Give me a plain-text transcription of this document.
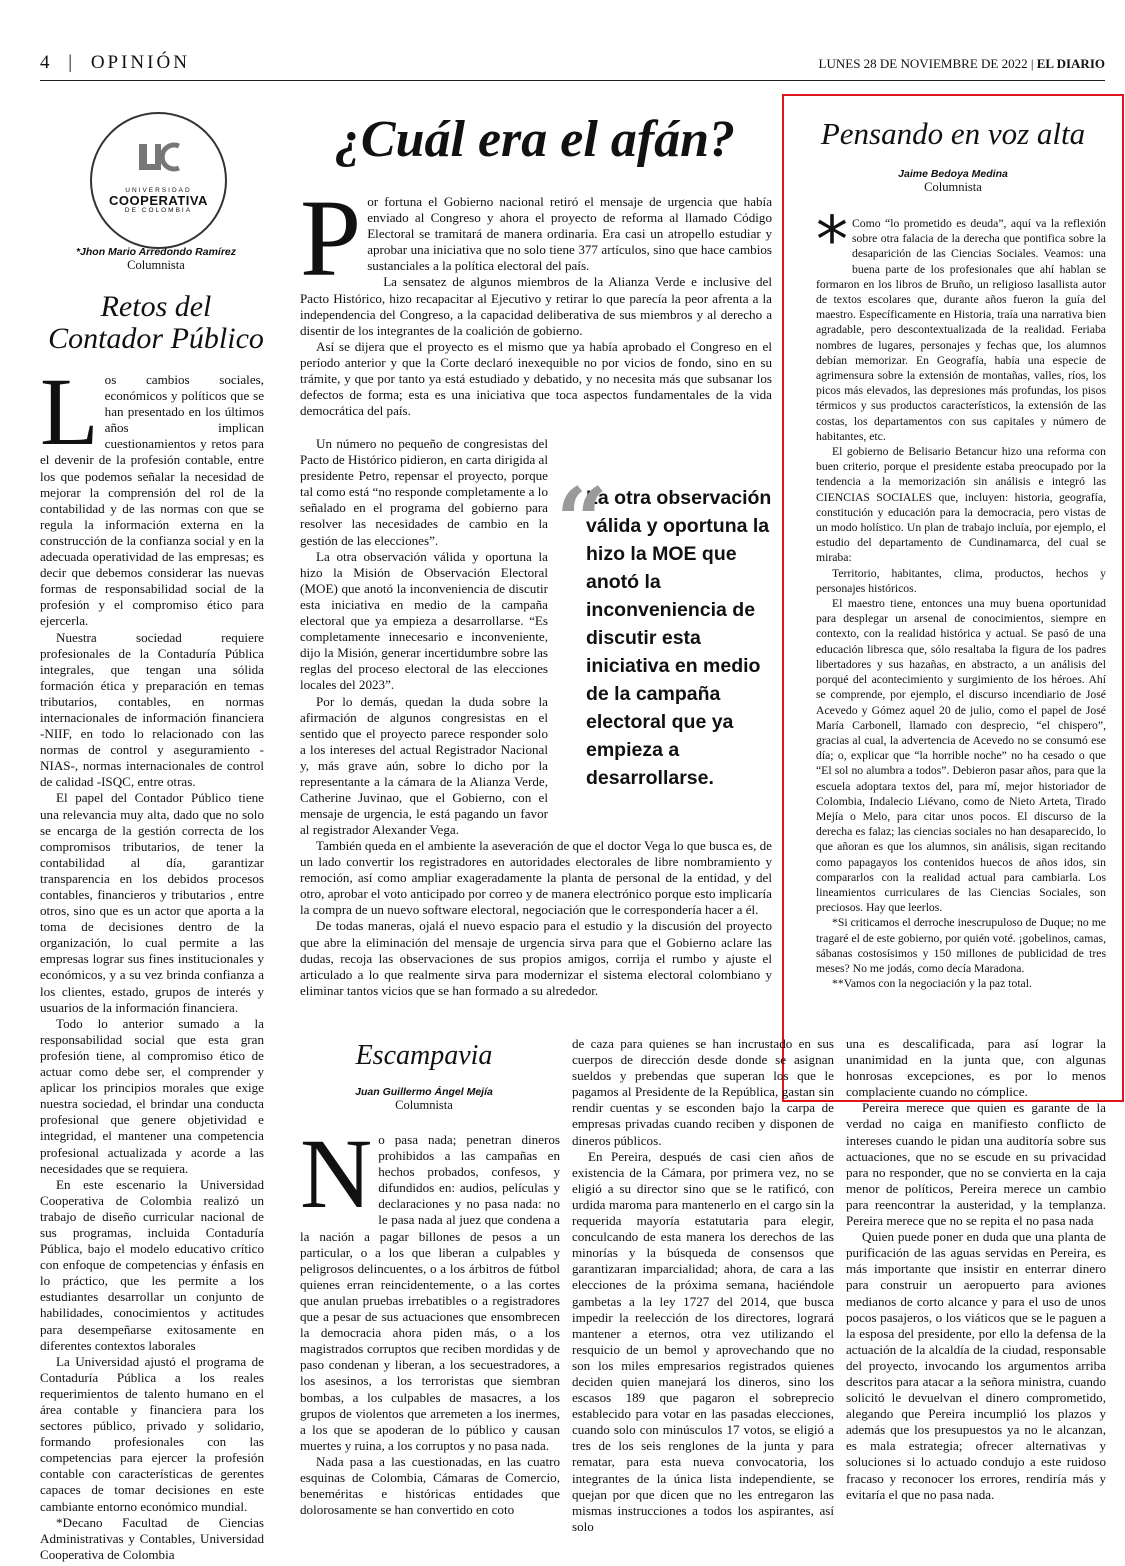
4 | OPINIÓN	LUNES 28 DE NOVIEMBRE DE 2022 | EL DIARIO
UNIVERSIDAD
COOPERATIVA
DE COLOMBIA

*Jhon Mario Arredondo Ramírez

Columnista

Retos del Contador Público

Los cambios sociales, económicos y políticos que se han presentado en los últimos años implican cuestionamientos y retos para el devenir de la profesión contable, entre los que podemos señalar la necesidad de mejorar la comprensión del rol de la contabilidad y de las normas con que se regula la información externa en la construcción de la confianza social y en la adecuada operatividad de las empresas; es decir que debemos considerar las nuevas formas de responsabilidad social de la profesión y el compromiso ético para ejercerla.

Nuestra sociedad requiere profesionales de la Contaduría Pública integrales, que tengan una sólida formación ética y preparación en temas tributarios, contables, en normas internacionales de información financiera -NIIF, en todo lo relacionado con las normas de control y aseguramiento -NIAS-, normas internacionales de control de calidad -ISQC, entre otras.

El papel del Contador Público tiene una relevancia muy alta, dado que no solo se encarga de la gestión correcta de los compromisos tributarios, de tener la contabilidad al día, garantizar transparencia en los debidos procesos contables, financieros y tributarios , entre otros, sino que es un actor que aporta a la toma de decisiones dentro de la organización, lo cual permite a las empresas lograr sus fines institucionales y económicos, y a su vez brinda confianza a los clientes, estado, grupos de interés y usuarios de la información financiera.

Todo lo anterior sumado a la responsabilidad social que esta gran profesión tiene, al compromiso ético de actuar como debe ser, el comprender y aplicar los principios morales que exige nuestra sociedad, el brindar una conducta profesional que genere objetividad e integridad, el mantener una competencia profesional actualizada y acorde a las necesidades que se requiera.

En este escenario la Universidad Cooperativa de Colombia realizó un trabajo de diseño curricular nacional de sus programas, incluida Contaduría Pública, bajo el modelo educativo crítico con enfoque de competencias y énfasis en lo práctico, que les permite a los estudiantes desarrollar un conjunto de habilidades, conocimientos y actitudes para desempeñarse exitosamente en diferentes contextos laborales

La Universidad ajustó el programa de Contaduría Pública a los reales requerimientos de talento humano en el área contable y financiera para los sectores público, privado y solidario, formando profesionales con las competencias para ejercer la profesión contable con características de gerentes capaces de tomar decisiones en este cambiante entorno económico mundial.

*Decano Facultad de Ciencias Administrativas y Contables, Universidad Cooperativa de Colombia

¿Cuál era el afán?

Por fortuna el Gobierno nacional retiró el mensaje de urgencia que había enviado al Congreso y ahora el proyecto de reforma al llamado Código Electoral se tramitará de manera ordinaria. Era casi un atropello estudiar y aprobar una iniciativa que no solo tiene 377 artículos, sino que hace cambios sustanciales a la política electoral del país.

La sensatez de algunos miembros de la Alianza Verde e inclusive del Pacto Histórico, hizo recapacitar al Ejecutivo y retirar lo que parecía la peor afrenta a la independencia del Congreso, a la capacidad deliberativa de sus miembros y al derecho a disentir de los integrantes de la coalición de gobierno.

Así se dijera que el proyecto es el mismo que ya había aprobado el Congreso en el período anterior y que la Corte declaró inexequible no por vicios de fondo, sino en su trámite, y que por tanto ya está estudiado y debatido, y no necesita más que subsanar los defectos de forma; esta es una iniciativa que toca aspectos fundamentales de la vida democrática del país.

Un número no pequeño de congresistas del Pacto de Histórico pidieron, en carta dirigida al presidente Petro, repensar el proyecto, porque tal como está “no responde completamente a lo señalado en el programa del gobierno para resolver las necesidades de cambio en la gestión de las elecciones”.

La otra observación válida y oportuna la hizo la Misión de Observación Electoral (MOE) que anotó la inconveniencia de discutir esta iniciativa en medio de la campaña electoral que ya empieza a desarrollarse. “Es completamente innecesario e inconveniente, dijo la Misión, generar incertidumbre sobre las reglas del proceso electoral de las elecciones locales del 2023”.

Por lo demás, quedan la duda sobre la afirmación de algunos congresistas en el sentido que el proyecto parece responder solo a los intereses del actual Registrador Nacional y, más grave aún, sobre lo dicho por la representante a la cámara de la Alianza Verde, Catherine Juvinao, que el Gobierno, con el mensaje de urgencia, le está pagando un favor al registrador Alexander Vega.

También queda en el ambiente la aseveración de que el doctor Vega lo que busca es, de un lado convertir los registradores en autoridades electorales de libre nombramiento y remoción, así como ampliar exageradamente la planta de personal de la entidad, y del otro, aprobar el voto anticipado por correo y de manera electrónico porque esto implicaría la compra de un nuevo software electoral, negociación que le correspondería hacer a él.

De todas maneras, ojalá el nuevo espacio para el estudio y la discusión del proyecto que abre la eliminación del mensaje de urgencia sirva para que el Gobierno aclare las dudas, recoja las observaciones de sus propios amigos, corrija el rumbo y ajuste el articulado a lo que realmente sirva para modernizar el sistema electoral colombiano y eliminar tantos vicios que se han formado a su alrededor.

“
La otra observación válida y oportuna la hizo la MOE que anotó la inconveniencia de discutir esta iniciativa en medio de la campaña electoral que ya empieza a desarrollarse.
Pensando en voz alta

Jaime Bedoya Medina

Columnista

* Como “lo prometido es deuda”, aquí va la reflexión sobre otra falacia de la derecha que pontifica sobre la desaparición de las Ciencias Sociales. Veamos: una buena parte de los profesionales que ahí hablan se formaron en los libros de Bruño, un religioso lasallista autor de textos escolares que, durante años fueron la guía del maestro. Específicamente en Historia, traía una narrativa bien agradable, pero descontextualizada de la realidad. Feriaba nombres de lugares, personajes y fechas que, los alumnos debían memorizar. En Geografía, había una especie de agrimensura sobre la extensión de montañas, valles, ríos, los picos más elevados, las depresiones más profundas, los pisos térmicos y sus productos característicos, la extensión de las costas, los departamentos con sus capitales y número de habitantes, etc.

El gobierno de Belisario Betancur hizo una reforma con buen criterio, porque el presidente estaba preocupado por la tendencia a la memorización sin análisis e integró las CIENCIAS SOCIALES que, incluyen: historia, geografía, constitución y educación para la democracia, pero vistas de un modo holístico. Un plan de trabajo incluía, por ejemplo, el estudio del departamento de Cundinamarca, del cual se miraba:

Territorio, habitantes, clima, productos, hechos y personajes históricos.

El maestro tiene, entonces una muy buena oportunidad para desplegar un arsenal de conocimientos, siempre en contexto, con la realidad histórica y actual. Se pasó de una educación libresca que, sólo resaltaba la figura de los padres libertadores y sus hazañas, en abstracto, a un análisis del porqué del acontecimiento y surgimiento de los héroes. Ahí se comprende, por ejemplo, el discurso incendiario de José Acevedo y Gómez aquel 20 de julio, como el papel de José María Carbonell, llamado con desprecio, “el chispero”, gracias al cual, la advertencia de Acevedo no se consumó ese día; o, explicar que “la horrible noche” no ha cesado o que “El sol no alumbra a todos”. Debieron pasar años, para que la escuela adoptara textos del, para mí, mejor historiador de Colombia, Indalecio Liévano, como de Nieto Arteta, Tirado Mejía o Melo, para citar unos pocos. El discurso de la derecha es falaz; las ciencias sociales no han desaparecido, lo que añoran es que los alumnos, sin análisis, sigan recitando como papagayos los contenidos huecos de años idos, sin compararlos con la realidad actual para cambiarla. Los lineamientos curriculares de las Ciencias Sociales, son preciosos. Hay que leerlos.

*Si criticamos el derroche inescrupuloso de Duque; no me tragaré el de este gobierno, por quién voté. ¡gobelinos, camas, sábanas costosísimos y 150 millones de publicidad de tres meses? No me jodás, como decía Maradona.

**Vamos con la negociación y la paz total.

Escampavia

Juan Guillermo Ángel Mejía

Columnista

No pasa nada; penetran dineros prohibidos a las campañas en hechos probados, confesos, y difundidos en: audios, películas y declaraciones y no pasa nada: no le pasa nada al juez que condena a la nación a pagar billones de pesos a un particular, o a los que liberan a culpables y peligrosos delincuentes, o a los árbitros de fútbol quienes erran reincidentemente, o a las cortes que anulan pruebas irrebatibles o a registradores que a pesar de sus actuaciones que ensombrecen la democracia ahora piden más, o a los magistrados corruptos que reciben mordidas y de paso condenan y liberan, a los secuestradores, a los asesinos, a los terroristas que siembran bombas, a los culpables de masacres, a los grupos de violentos que arremeten a los inermes, a los que se apoderan de lo público y causan muertes y ruina, a los corruptos y no pasa nada.

Nada pasa a las cuestionadas, en las cuatro esquinas de Colombia, Cámaras de Comercio, beneméritas e históricas entidades que dolorosamente se han convertido en coto

de caza para quienes se han incrustado en sus cuerpos de dirección desde donde se asignan sueldos y prebendas que superan los que le pagamos al Presidente de la República, gastan sin rendir cuentas y se esconden bajo la carpa de empresas privadas cuando reciben y disponen de dineros públicos.

En Pereira, después de casi cien años de existencia de la Cámara, por primera vez, no se eligió a su director sino que se le ratificó, con urdida maroma para mantenerlo en el cargo sin la requerida mayoría estatutaria para elegir, conculcando de esta manera los derechos de las minorías y la búsqueda de consensos que garantizaran imparcialidad; ahora, de cara a las elecciones de la próxima semana, haciéndole gambetas a la ley 1727 del 2014, que busca impedir la reelección de los directores, logrará mantener a eternos, otra vez utilizando el resquicio de un bemol y aprovechando que no son los miles empresarios registrados quienes deciden quien manejará los dineros, sino los escasos 189 que pagaron el sobreprecio establecido para votar en las pasadas elecciones, cuando solo con minúsculos 17 votos, se eligió a tres de los seis renglones de la junta y para rematar, para esta nueva convocatoria, los integrantes de la única lista independiente, se quejan por que dicen que no les entregaron las mismas instrucciones a todos los aspirantes, así solo

una es descalificada, para así lograr la unanimidad en la junta que, con algunas honrosas excepciones, es por lo menos complaciente cuando no cómplice.

Pereira merece que quien es garante de la verdad no caiga en manifiesto conflicto de intereses cuando le pidan una auditoría sobre sus actuaciones, que no se escude en su privacidad para no responder, que no se convierta en la caja menor de políticos, Pereira merece un cambio para reencontrar la austeridad, y la templanza. Pereira merece que no se repita el no pasa nada

Quien puede poner en duda que una planta de purificación de las aguas servidas en Pereira, es más importante que insistir en enterrar dinero para construir un aeropuerto para aviones medianos de corto alcance y para el uso de unos pocos pasajeros, o los viáticos que se le paguen a la esposa del presidente, por ello la defensa de la actuación de la alcaldía de la ciudad, responsable del proyecto, invocando los argumentos arriba descritos para atacar a la señora ministra, cuando solicitó le devuelvan el dinero comprometido, alegando que Pereira incumplió los plazos y además que los presupuestos ya no le alcanzan, es mala estrategia; ofrecer alternativas y soluciones si lo actuado condujo a este ruidoso fracaso y reconocer los errores, rendiría más y evitaría el que no pasa nada.
